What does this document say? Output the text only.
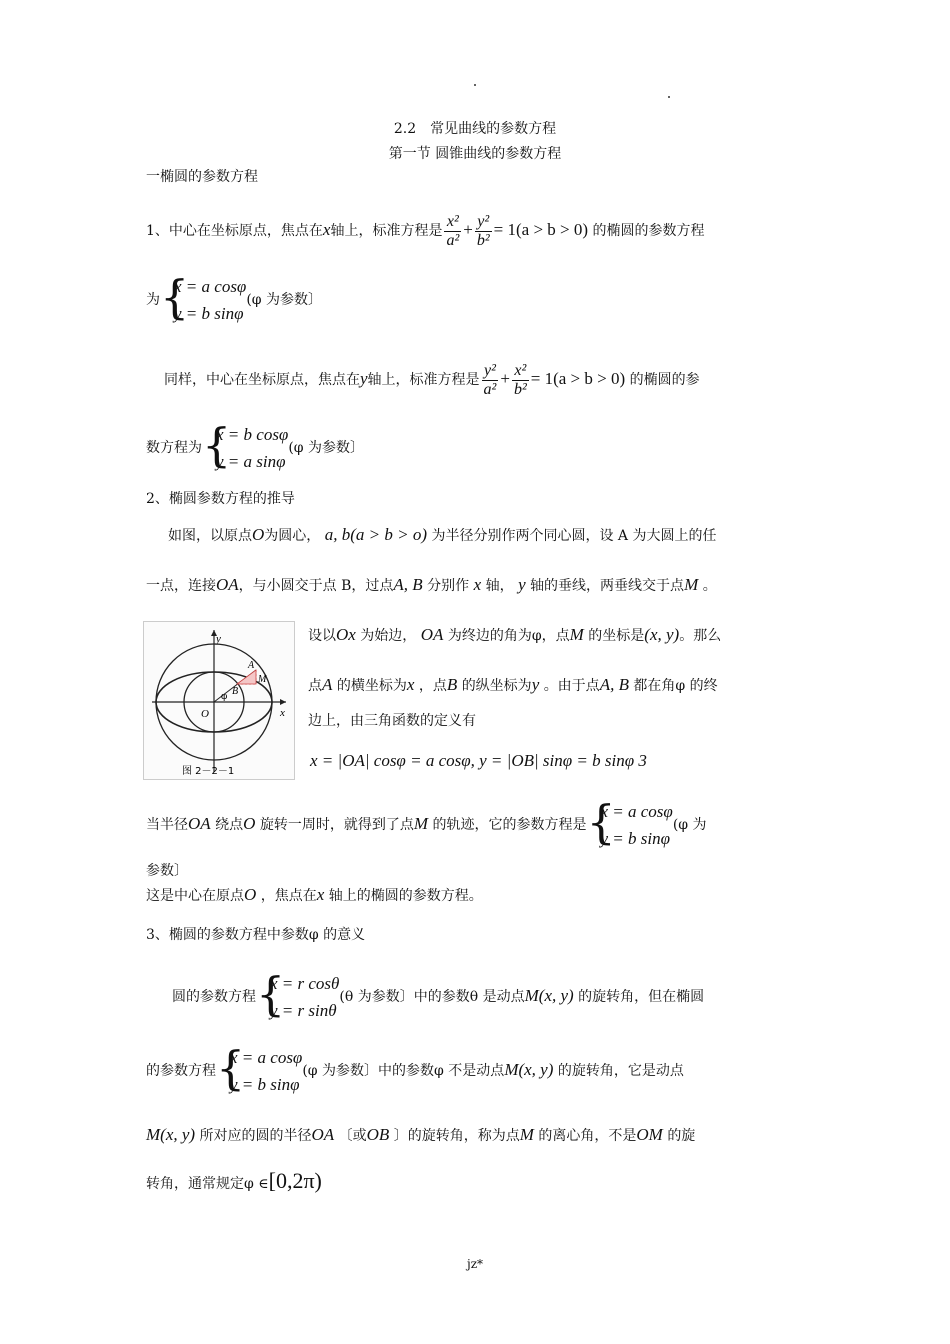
2.2　常见曲线的参数方程
第一节 圆锥曲线的参数方程
一椭圆的参数方程
1、中心在坐标原点，焦点在x轴上，标准方程是 $\frac{\text{x²}}{\text{a²}} + \frac{\text{y²}}{\text{b²}} = 1(a > b > 0)$ 的椭圆的参数方程
为 {
x = a cosφ
y = b sinφ
(φ 为参数〕
同样，中心在坐标原点，焦点在y轴上，标准方程是 $\frac{\text{y²}}{\text{a²}} + \frac{\text{x²}}{\text{b²}} = 1(a > b > 0)$ 的椭圆的参
数方程为 {
x = b cosφ
y = a sinφ
(φ 为参数〕
2、椭圆参数方程的推导
如图，以原点O为圆心， a, b(a > b > o) 为半径分别作两个同心圆，设 A 为大圆上的任
一点，连接OA，与小圆交于点 B，过点A, B 分别作 x 轴， y 轴的垂线，两垂线交于点M 。
y
x
O
A
B
M
φ
图 2－2－1
设以Ox 为始边， OA 为终边的角为φ，点M 的坐标是(x, y)。那么
点A 的横坐标为x ，点B 的纵坐标为y 。由于点A, B 都在角φ 的终
边上，由三角函数的定义有
x = |OA| cosφ = a cosφ, y = |OB| sinφ = b sinφ 3
当半径OA 绕点O 旋转一周时，就得到了点M 的轨迹，它的参数方程是 {
x = a cosφ
y = b sinφ
(φ 为
参数〕
这是中心在原点O ，焦点在x 轴上的椭圆的参数方程。
3、椭圆的参数方程中参数φ 的意义
圆的参数方程 {
x = r cosθ
y = r sinθ
(θ 为参数〕中的参数θ 是动点M(x, y) 的旋转角，但在椭圆
的参数方程 {
x = a cosφ
y = b sinφ
(φ 为参数〕中的参数φ 不是动点M(x, y) 的旋转角，它是动点
M(x, y) 所对应的圆的半径OA 〔或OB 〕的旋转角，称为点M 的离心角，不是OM 的旋
转角，通常规定φ ∈[0,2π)
jz*
